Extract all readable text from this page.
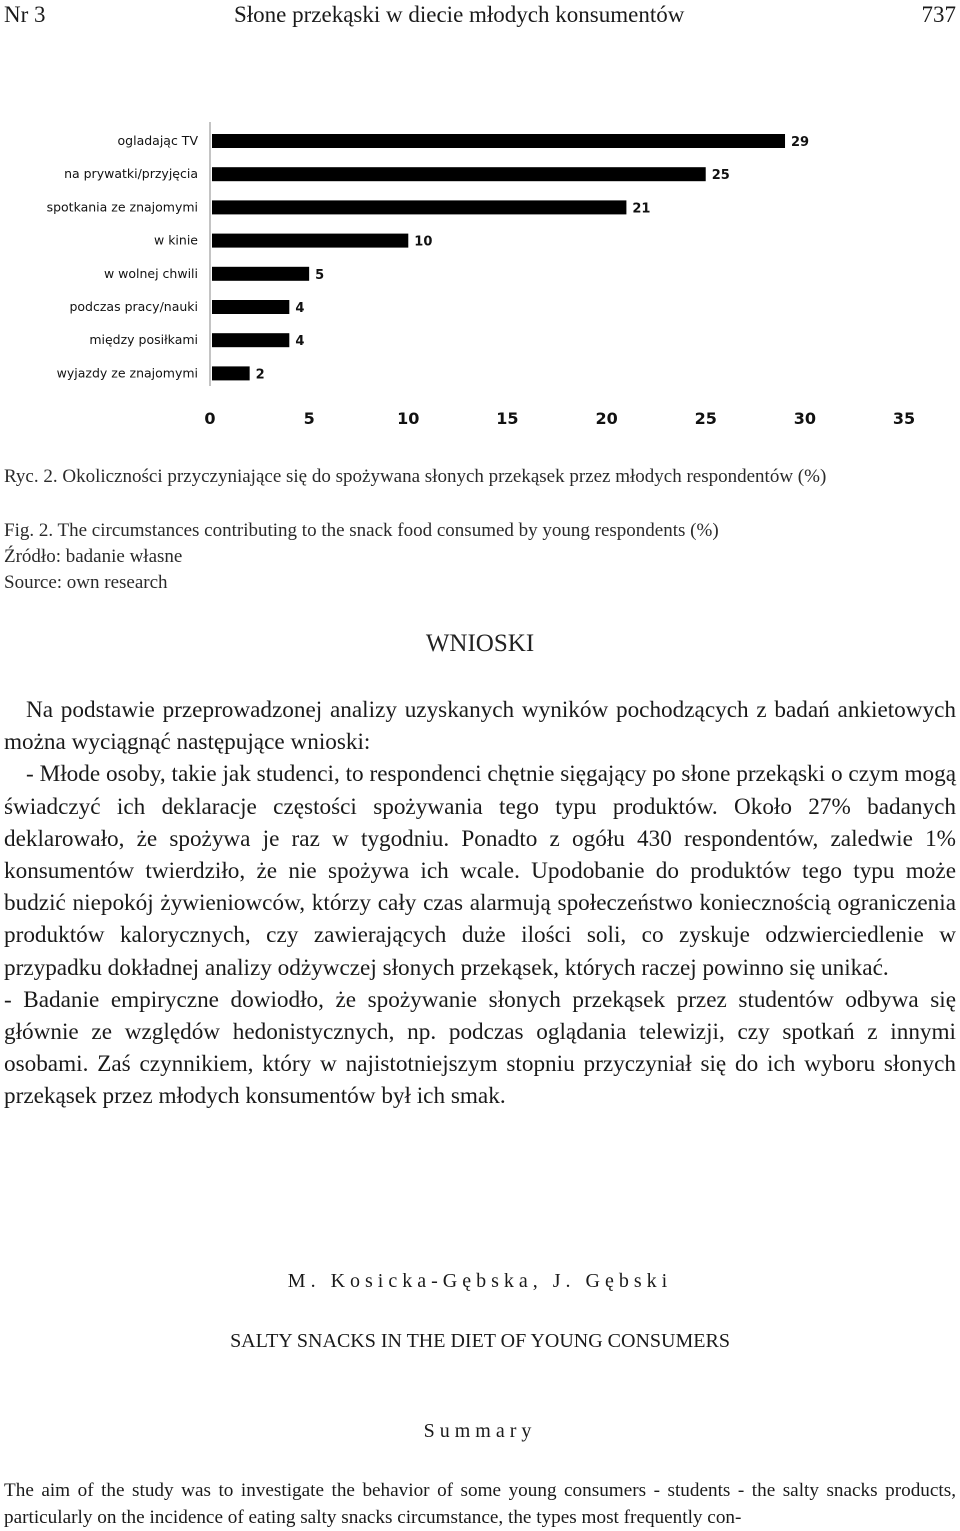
Nr 3	Słone przekąski w diecie młodych konsumentów	737
ogladając TV	29
na prywatki/przyjęcia	25
spotkania ze znajomymi	21
w kinie	10
w wolnej chwili	5
podczas pracy/nauki	4
między posiłkami	4
wyjazdy ze znajomymi	2
0	5	10	15	20	25	30	35
Ryc. 2. Okoliczności przyczyniające się do spożywana słonych przekąsek przez młodych respondentów (%)
Fig. 2. The circumstances contributing to the snack food consumed by young respondents (%)
Źródło: badanie własne
Source: own research
WNIOSKI

Na podstawie przeprowadzonej analizy uzyskanych wyników pochodzących z badań ankietowych można wyciągnąć następujące wnioski:

- Młode osoby, takie jak studenci, to respondenci chętnie sięgający po słone przekąski o czym mogą świadczyć ich deklaracje częstości spożywania tego typu produktów. Około 27% badanych deklarowało, że spożywa je raz w tygodniu. Ponadto z ogółu 430 respondentów, zaledwie 1% konsumentów twierdziło, że nie spożywa ich wcale. Upodobanie do produktów tego typu może budzić niepokój żywieniowców, którzy cały czas alarmują społeczeństwo koniecznością ograniczenia produktów kalorycznych, czy zawierających duże ilości soli, co zyskuje odzwierciedlenie w przypadku dokładnej analizy odżywczej słonych przekąsek, których raczej powinno się unikać.

- Badanie empiryczne dowiodło, że spożywanie słonych przekąsek przez studentów odbywa się głównie ze względów hedonistycznych, np. podczas oglądania telewizji, czy spotkań z innymi osobami. Zaś czynnikiem, który w najistotniejszym stopniu przyczyniał się do ich wyboru słonych przekąsek przez młodych konsumentów był ich smak.

M. Kosicka-Gębska, J. Gębski
SALTY SNACKS IN THE DIET OF YOUNG CONSUMERS
Summary

The aim of the study was to investigate the behavior of some young consumers - students - the salty snacks products, particularly on the incidence of eating salty snacks circumstance, the types most frequently con-
